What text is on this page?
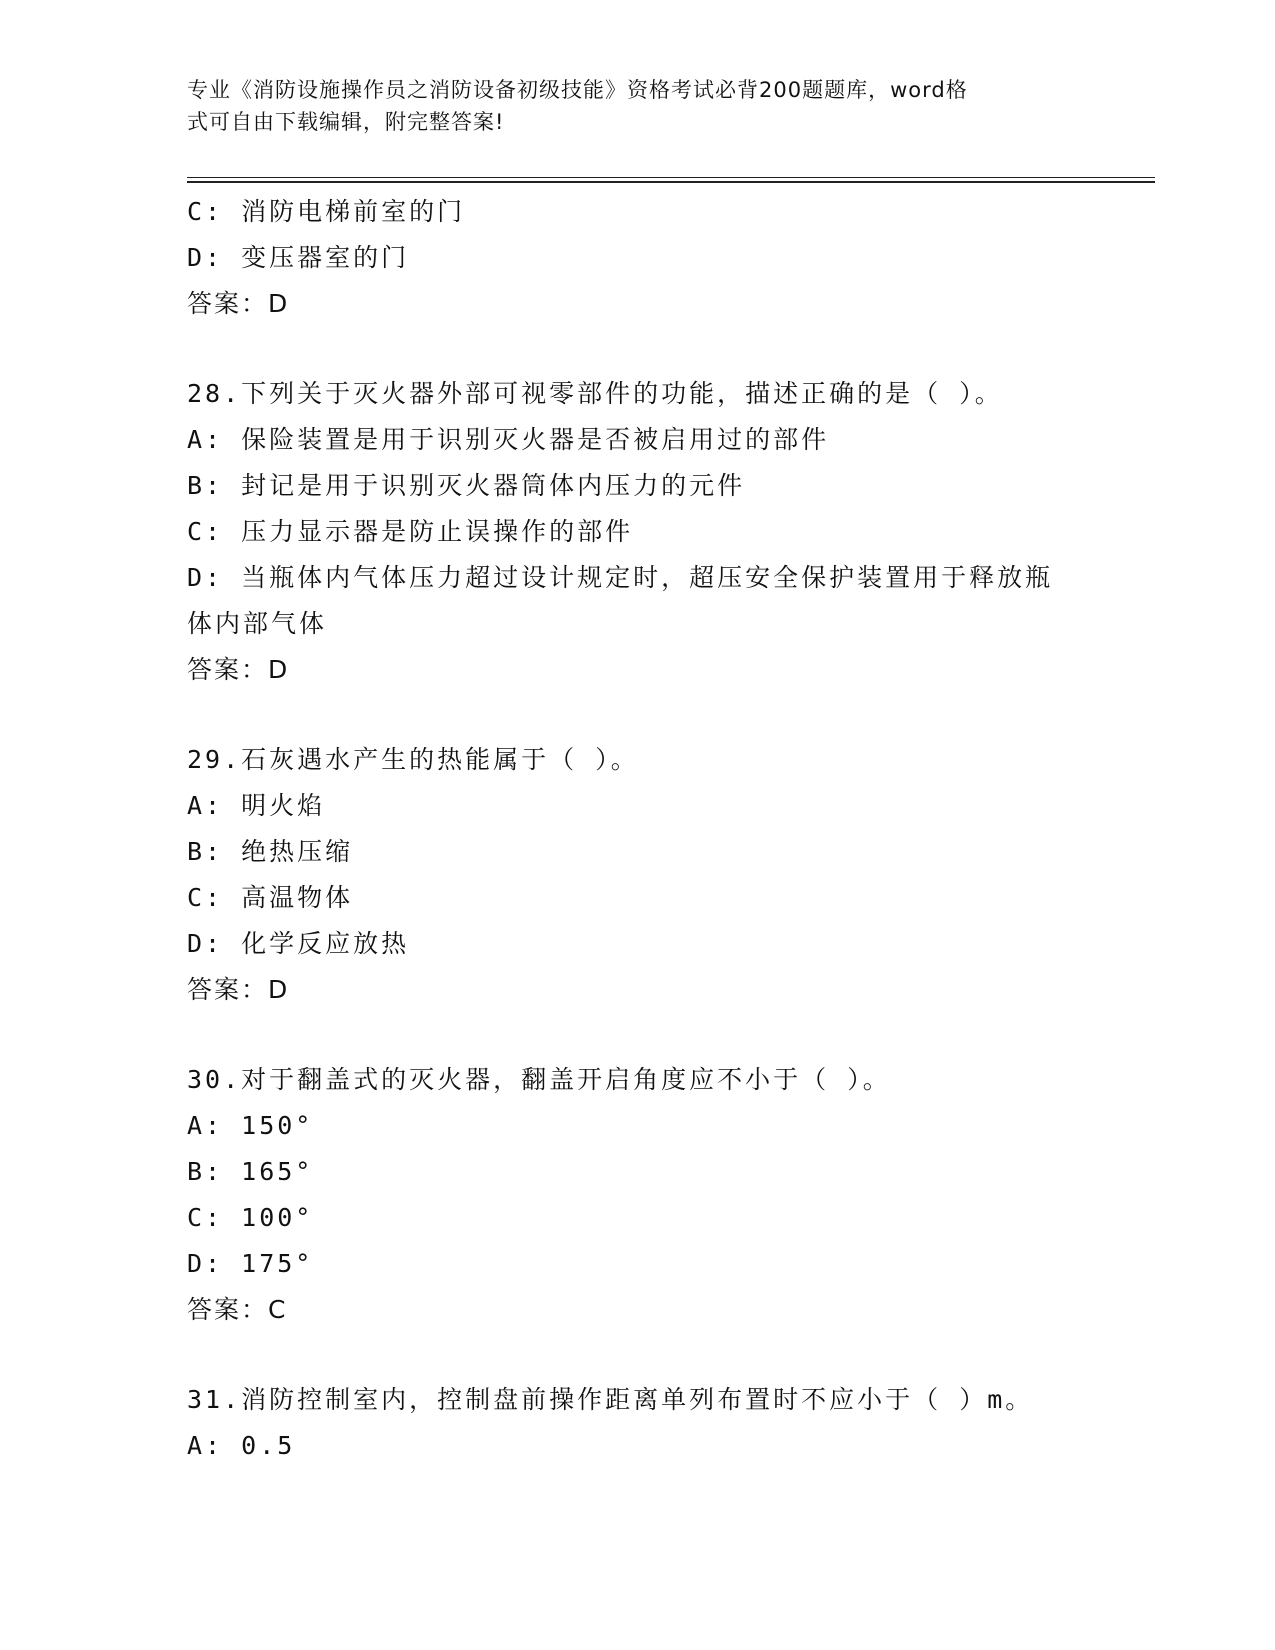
专业《消防设施操作员之消防设备初级技能》资格考试必背200题题库，word格
式可自由下载编辑，附完整答案!
C: 消防电梯前室的门
D: 变压器室的门
答案：D
28.下列关于灭火器外部可视零部件的功能，描述正确的是（ ）。
A: 保险装置是用于识别灭火器是否被启用过的部件
B: 封记是用于识别灭火器筒体内压力的元件
C: 压力显示器是防止误操作的部件
D: 当瓶体内气体压力超过设计规定时，超压安全保护装置用于释放瓶
体内部气体
答案：D
29.石灰遇水产生的热能属于（ ）。
A: 明火焰
B: 绝热压缩
C: 高温物体
D: 化学反应放热
答案：D
30.对于翻盖式的灭火器，翻盖开启角度应不小于（ ）。
A: 150°
B: 165°
C: 100°
D: 175°
答案：C
31.消防控制室内，控制盘前操作距离单列布置时不应小于（ ）m。
A: 0.5
